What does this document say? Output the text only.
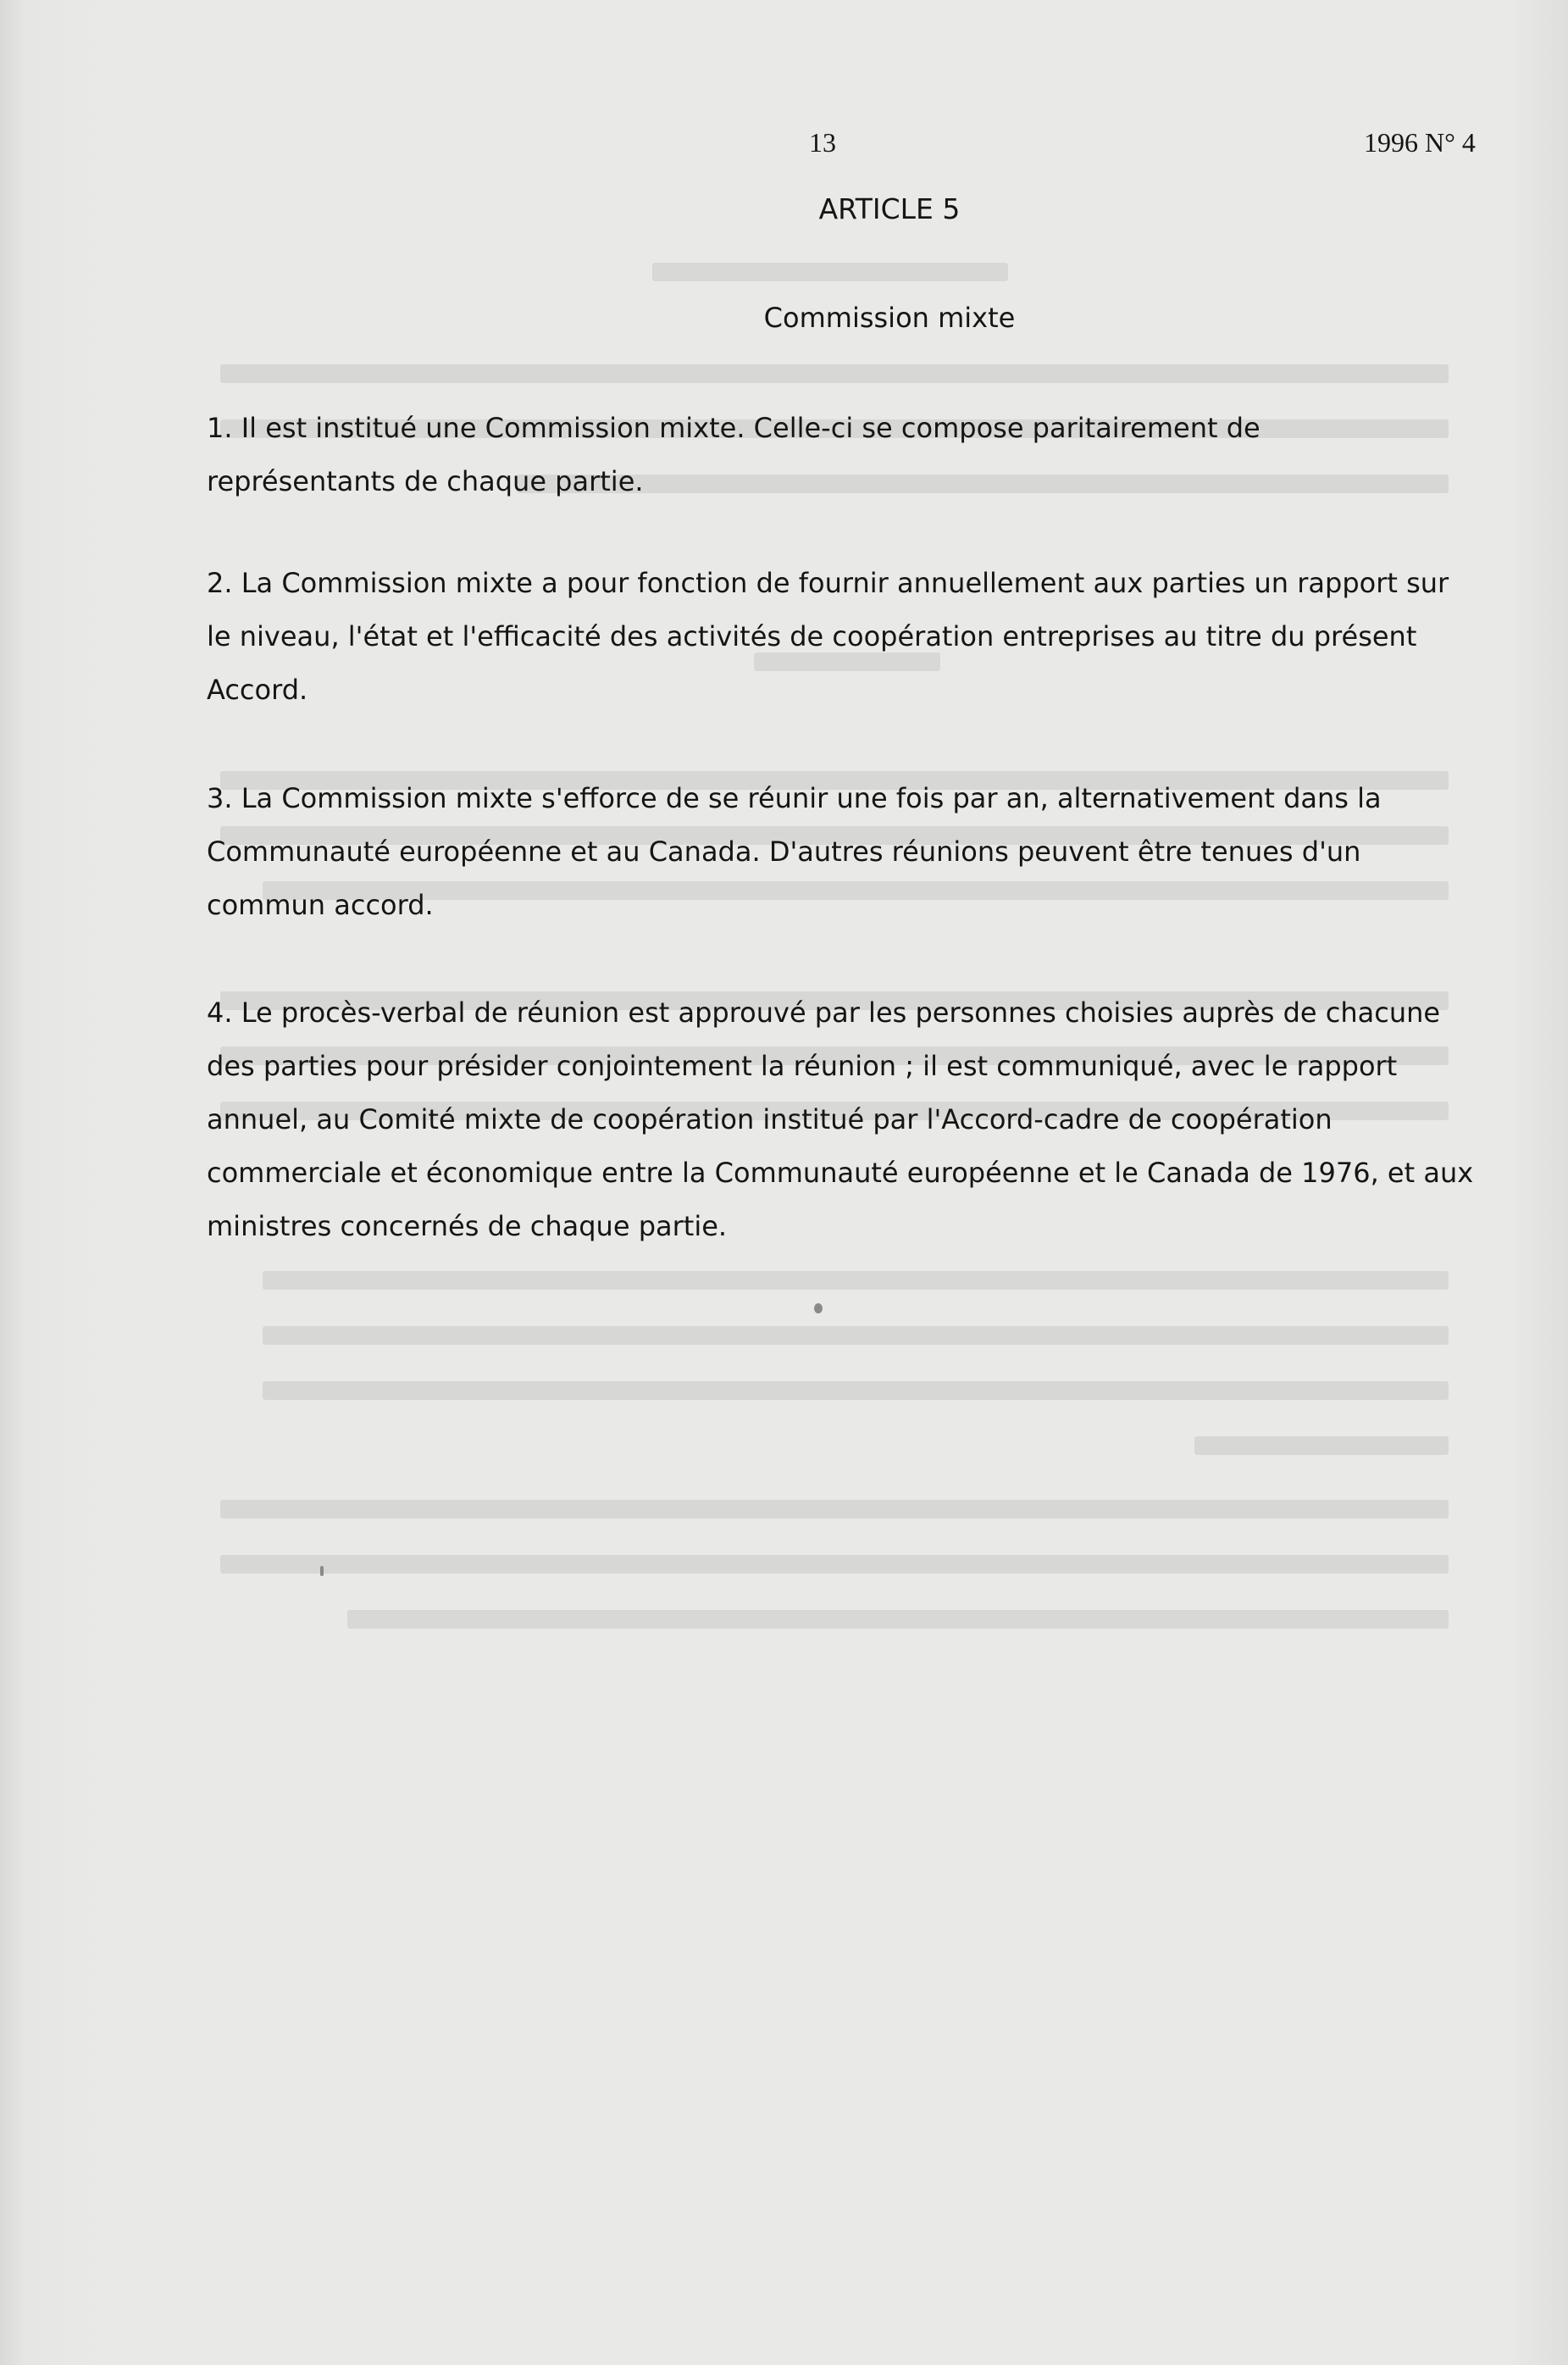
13	1996 N° 4
ARTICLE 5
Commission mixte
1. Il est institué une Commission mixte. Celle-ci se compose paritairement de
représentants de chaque partie.
2. La Commission mixte a pour fonction de fournir annuellement aux parties un rapport sur
le niveau, l'état et l'efficacité des activités de coopération entreprises au titre du présent
Accord.
3. La Commission mixte s'efforce de se réunir une fois par an, alternativement dans la
Communauté européenne et au Canada. D'autres réunions peuvent être tenues d'un
commun accord.
4. Le procès-verbal de réunion est approuvé par les personnes choisies auprès de chacune
des parties pour présider conjointement la réunion ; il est communiqué, avec le rapport
annuel, au Comité mixte de coopération institué par l'Accord-cadre de coopération
commerciale et économique entre la Communauté européenne et le Canada de 1976, et aux
ministres concernés de chaque partie.
